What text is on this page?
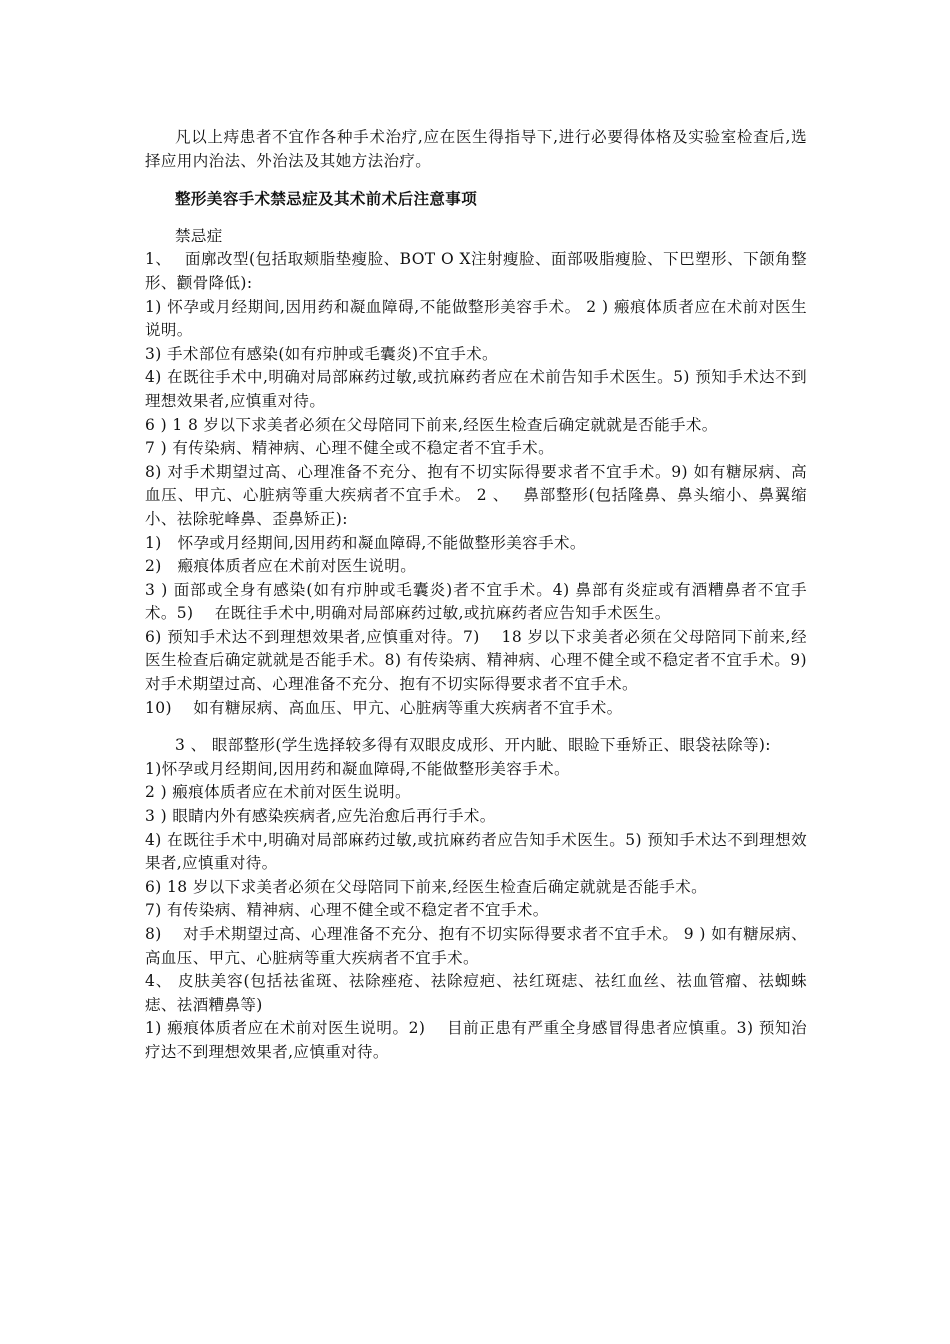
凡以上痔患者不宜作各种手术治疗,应在医生得指导下,进行必要得体格及实验室检查后,选择应用内治法、外治法及其她方法治疗。

整形美容手术禁忌症及其术前术后注意事项

禁忌症

1、　 面廓改型(包括取颊脂垫瘦脸、BOT O X注射瘦脸、面部吸脂瘦脸、下巴塑形、下颌角整形、颧骨降低):

1) 怀孕或月经期间,因用药和凝血障碍,不能做整形美容手术。 2 ) 瘢痕体质者应在术前对医生说明。

3) 手术部位有感染(如有疖肿或毛囊炎)不宜手术。

4) 在既往手术中,明确对局部麻药过敏,或抗麻药者应在术前告知手术医生。5) 预知手术达不到理想效果者,应慎重对待。

6 ) 1 8 岁以下求美者必须在父母陪同下前来,经医生检查后确定就就是否能手术。

7 ) 有传染病、精神病、心理不健全或不稳定者不宜手术。

8) 对手术期望过高、心理准备不充分、抱有不切实际得要求者不宜手术。9) 如有糖尿病、高血压、甲亢、心脏病等重大疾病者不宜手术。 2 、　 鼻部整形(包括隆鼻、鼻头缩小、鼻翼缩小、祛除驼峰鼻、歪鼻矫正):

1)　怀孕或月经期间,因用药和凝血障碍,不能做整形美容手术。

2)　瘢痕体质者应在术前对医生说明。

3 ) 面部或全身有感染(如有疖肿或毛囊炎)者不宜手术。4) 鼻部有炎症或有酒糟鼻者不宜手术。5)　 在既往手术中,明确对局部麻药过敏,或抗麻药者应告知手术医生。

6) 预知手术达不到理想效果者,应慎重对待。7)　 18 岁以下求美者必须在父母陪同下前来,经医生检查后确定就就是否能手术。8) 有传染病、精神病、心理不健全或不稳定者不宜手术。9) 对手术期望过高、心理准备不充分、抱有不切实际得要求者不宜手术。

10)　 如有糖尿病、高血压、甲亢、心脏病等重大疾病者不宜手术。

3 、 眼部整形(学生选择较多得有双眼皮成形、开内眦、眼睑下垂矫正、眼袋祛除等):

1)怀孕或月经期间,因用药和凝血障碍,不能做整形美容手术。

2 ) 瘢痕体质者应在术前对医生说明。

3 ) 眼睛内外有感染疾病者,应先治愈后再行手术。

4) 在既往手术中,明确对局部麻药过敏,或抗麻药者应告知手术医生。5) 预知手术达不到理想效果者,应慎重对待。

6) 18 岁以下求美者必须在父母陪同下前来,经医生检查后确定就就是否能手术。

7) 有传染病、精神病、心理不健全或不稳定者不宜手术。

8)　 对手术期望过高、心理准备不充分、抱有不切实际得要求者不宜手术。 9 ) 如有糖尿病、高血压、甲亢、心脏病等重大疾病者不宜手术。

4、 皮肤美容(包括祛雀斑、祛除痤疮、祛除痘疤、祛红斑痣、祛红血丝、祛血管瘤、祛蜘蛛痣、祛酒糟鼻等)

1) 瘢痕体质者应在术前对医生说明。2)　 目前正患有严重全身感冒得患者应慎重。3) 预知治疗达不到理想效果者,应慎重对待。
